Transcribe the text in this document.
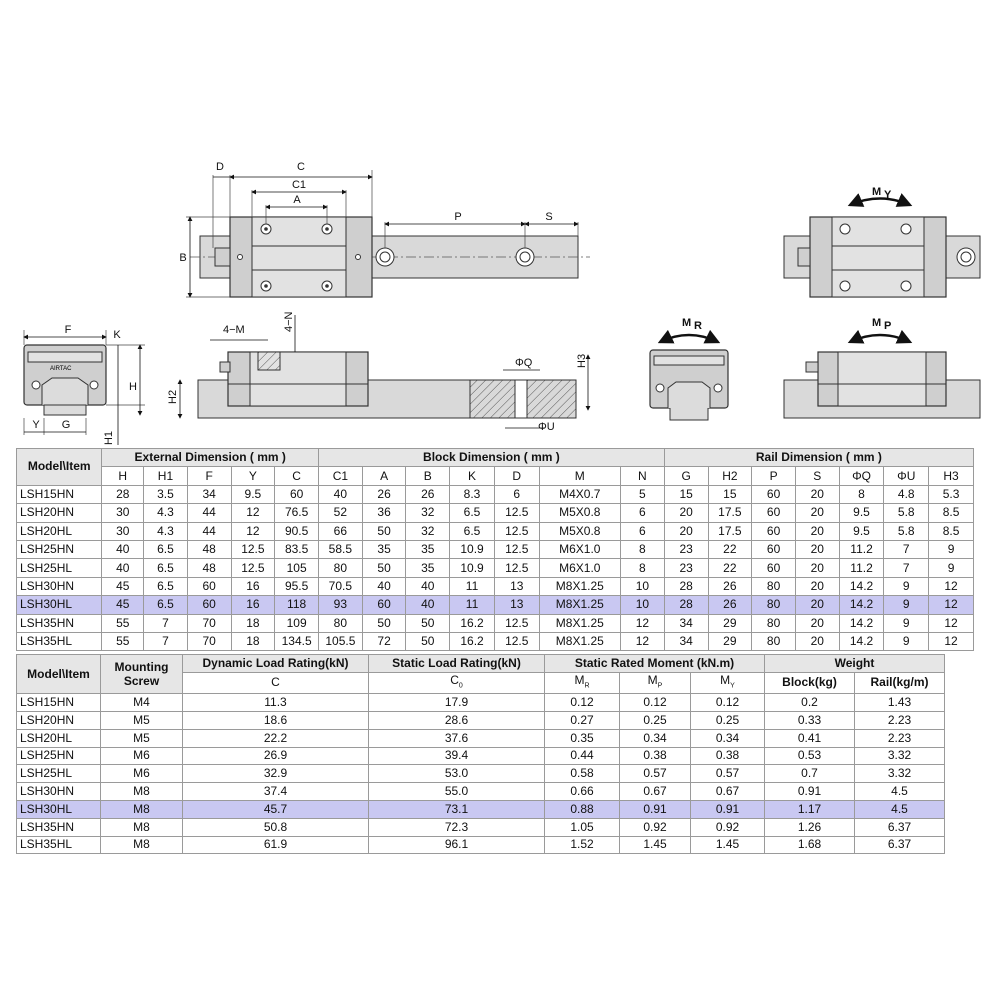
D	C
C1
A
B
P	S
M Y
AIRTAC
F	K
H
H1
Y G
4−M	4−N
H2
ΦQ
ΦU
H3
M R	M P
Model\Item	External Dimension ( mm )					Block Dimension ( mm )							Rail Dimension ( mm )						
	H	H1	F	Y	C	C1	A	B	K	D	M	N	G	H2	P	S	ΦQ	ΦU	H3
LSH15HN	28	3.5	34	9.5	60	40	26	26	8.3	6	M4X0.7	5	15	15	60	20	8	4.8	5.3
LSH20HN	30	4.3	44	12	76.5	52	36	32	6.5	12.5	M5X0.8	6	20	17.5	60	20	9.5	5.8	8.5
LSH20HL	30	4.3	44	12	90.5	66	50	32	6.5	12.5	M5X0.8	6	20	17.5	60	20	9.5	5.8	8.5
LSH25HN	40	6.5	48	12.5	83.5	58.5	35	35	10.9	12.5	M6X1.0	8	23	22	60	20	11.2	7	9
LSH25HL	40	6.5	48	12.5	105	80	50	35	10.9	12.5	M6X1.0	8	23	22	60	20	11.2	7	9
LSH30HN	45	6.5	60	16	95.5	70.5	40	40	11	13	M8X1.25	10	28	26	80	20	14.2	9	12
LSH30HL	45	6.5	60	16	118	93	60	40	11	13	M8X1.25	10	28	26	80	20	14.2	9	12
LSH35HN	55	7	70	18	109	80	50	50	16.2	12.5	M8X1.25	12	34	29	80	20	14.2	9	12
LSH35HL	55	7	70	18	134.5	105.5	72	50	16.2	12.5	M8X1.25	12	34	29	80	20	14.2	9	12
Model\Item	Mounting Screw	Dynamic Load Rating(kN)	Static Load Rating(kN)	Static Rated Moment (kN.m)			Weight	
		C	$C_0$	$M_R$	$M_P$	$M_Y$	Block(kg)	Rail(kg/m)
LSH15HN	M4	11.3	17.9	0.12	0.12	0.12	0.2	1.43
LSH20HN	M5	18.6	28.6	0.27	0.25	0.25	0.33	2.23
LSH20HL	M5	22.2	37.6	0.35	0.34	0.34	0.41	2.23
LSH25HN	M6	26.9	39.4	0.44	0.38	0.38	0.53	3.32
LSH25HL	M6	32.9	53.0	0.58	0.57	0.57	0.7	3.32
LSH30HN	M8	37.4	55.0	0.66	0.67	0.67	0.91	4.5
LSH30HL	M8	45.7	73.1	0.88	0.91	0.91	1.17	4.5
LSH35HN	M8	50.8	72.3	1.05	0.92	0.92	1.26	6.37
LSH35HL	M8	61.9	96.1	1.52	1.45	1.45	1.68	6.37
